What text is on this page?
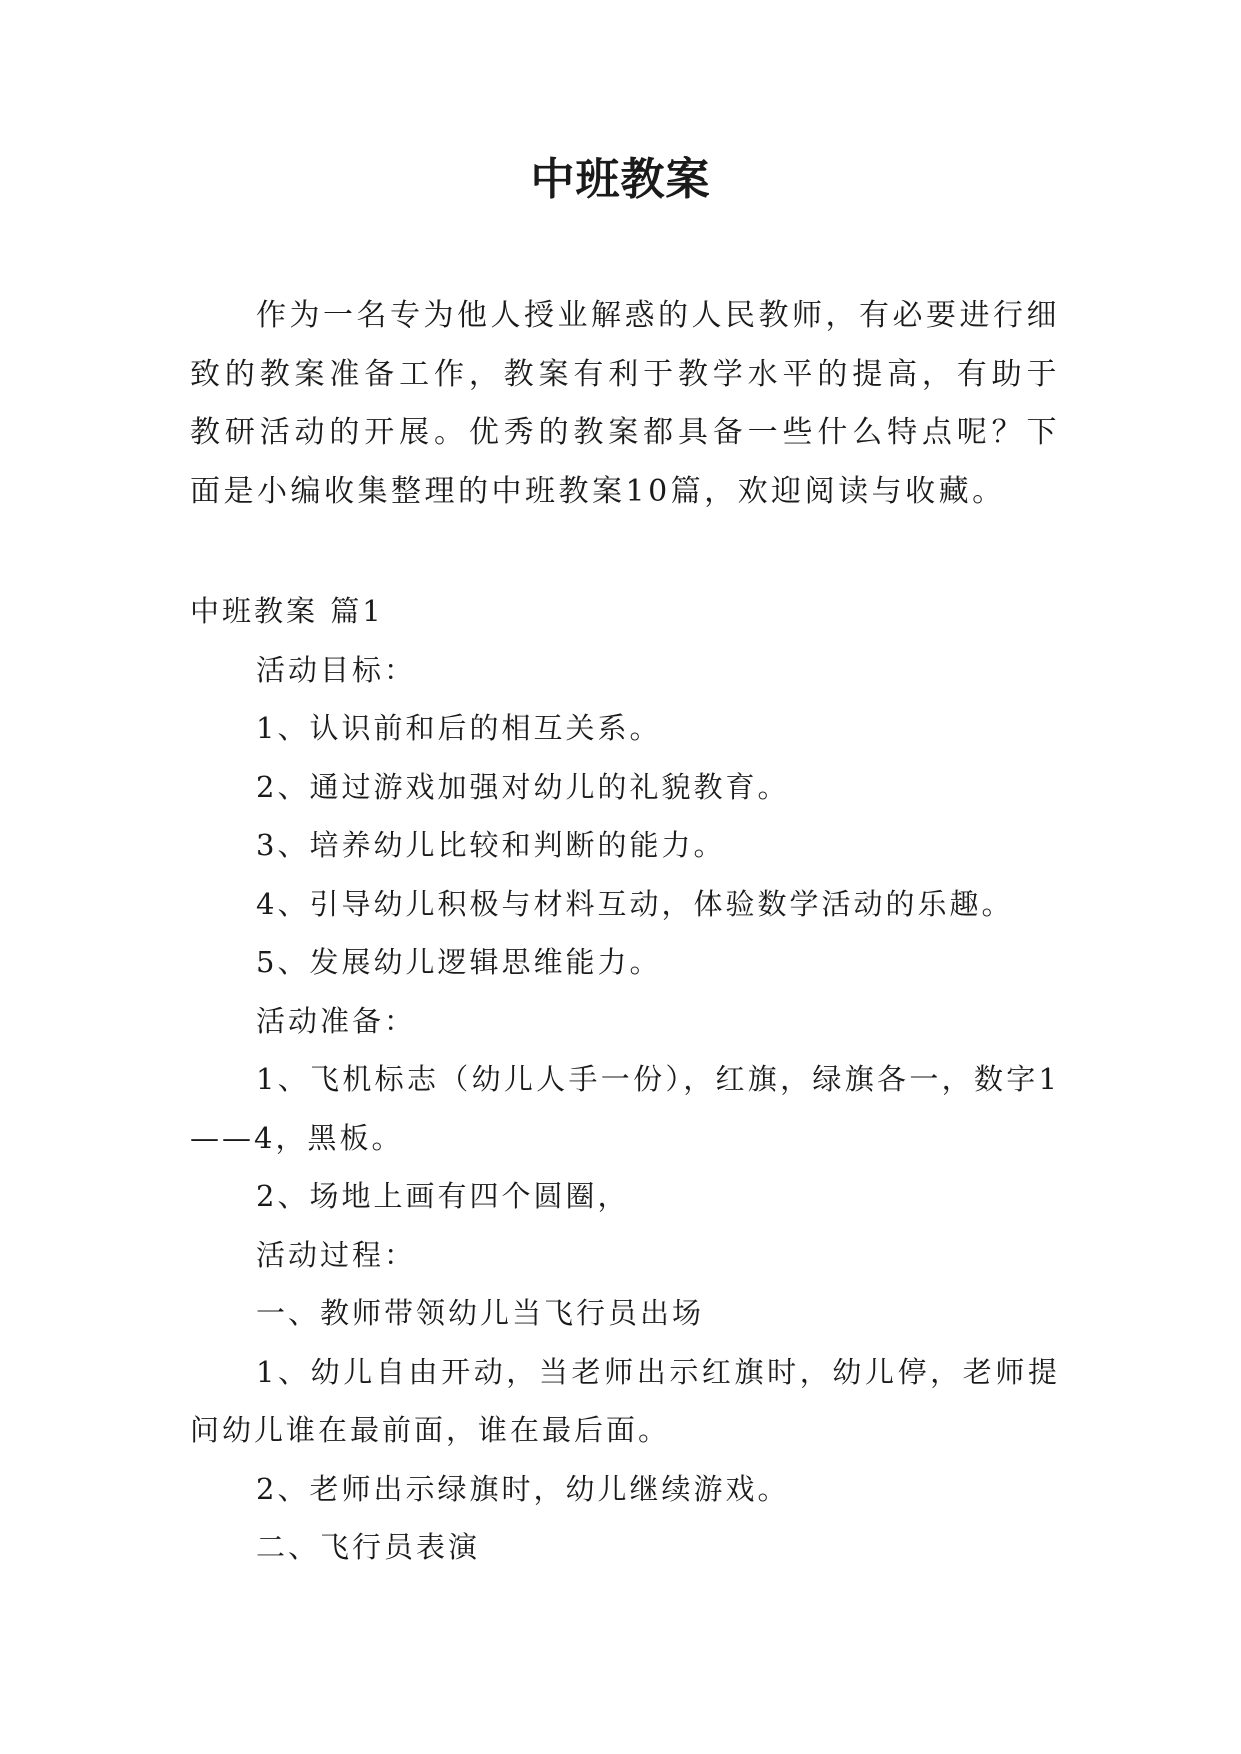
中班教案

作为一名专为他人授业解惑的人民教师，有必要进行细致的教案准备工作，教案有利于教学水平的提高，有助于教研活动的开展。优秀的教案都具备一些什么特点呢？下面是小编收集整理的中班教案10篇，欢迎阅读与收藏。

中班教案 篇1

活动目标：

1、认识前和后的相互关系。

2、通过游戏加强对幼儿的礼貌教育。

3、培养幼儿比较和判断的能力。

4、引导幼儿积极与材料互动，体验数学活动的乐趣。

5、发展幼儿逻辑思维能力。

活动准备：

1、飞机标志（幼儿人手一份），红旗，绿旗各一，数字1——4，黑板。

2、场地上画有四个圆圈，

活动过程：

一、教师带领幼儿当飞行员出场

1、幼儿自由开动，当老师出示红旗时，幼儿停，老师提问幼儿谁在最前面，谁在最后面。

2、老师出示绿旗时，幼儿继续游戏。

二、飞行员表演
